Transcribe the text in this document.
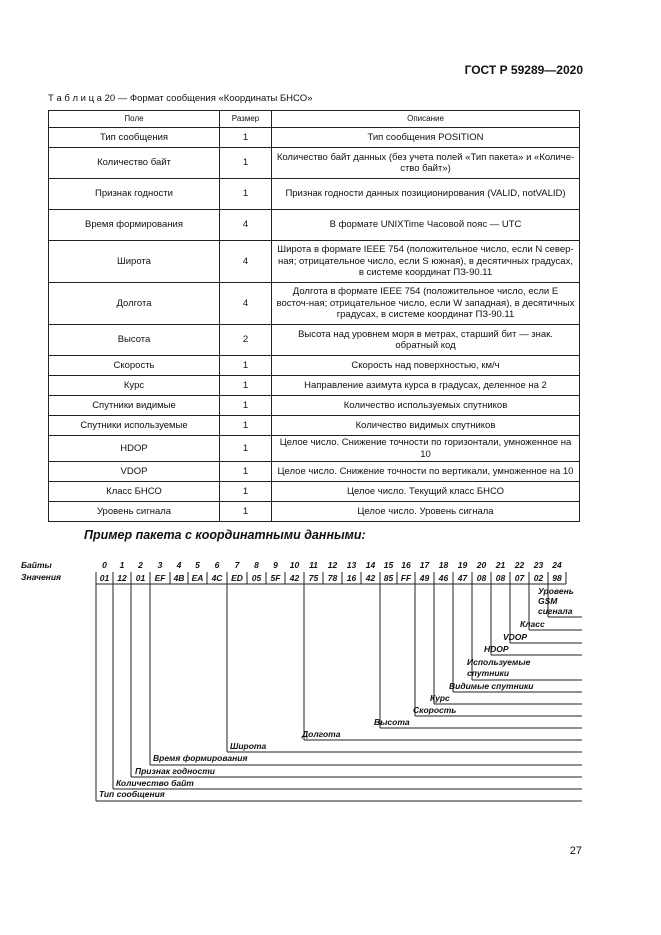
ГОСТ Р 59289—2020
Т а б л и ц а 20 — Формат сообщения «Координаты БНСО»
Поле	Размер	Описание
Тип сообщения	1	Тип сообщения POSITION
Количество байт	1	Количество байт данных (без учета полей «Тип пакета» и «Количе-ство байт»)
Признак годности	1	Признак годности данных позиционирования (VALID, notVALID)
Время формирования	4	В формате UNIXTime Часовой пояс — UTC
Широта	4	Широта в формате IEEE 754 (положительное число, если N север-ная; отрицательное число, если S южная), в десятичных градусах, в системе координат ПЗ-90.11
Долгота	4	Долгота в формате IEEE 754 (положительное число, если E восточ-ная; отрицательное число, если W западная), в десятичных градусах, в системе координат ПЗ-90.11
Высота	2	Высота над уровнем моря в метрах, старший бит — знак. обратный код
Скорость	1	Скорость над поверхностью, км/ч
Курс	1	Направление азимута курса в градусах, деленное на 2
Спутники видимые	1	Количество используемых спутников
Спутники используемые	1	Количество видимых спутников
HDOP	1	Целое число. Снижение точности по горизонтали, умноженное на 10
VDOP	1	Целое число. Снижение точности по вертикали, умноженное на 10
Класс БНСО	1	Целое число. Текущий класс БНСО
Уровень сигнала	1	Целое число. Уровень сигнала
Пример пакета с координатными данными:
Байты
Значения
0 1 2 3 4 5 6 7 8 9 10 11 12 13 14 15 16 17 18 19 20 21 22 23 24
01 12 01 EF 4B EA 4C ED 05 5F 42 75 78 16 42 85 FF 49 46 47 08 08 07 02 98
Уровень GSM сигнала
Класс
VDOP
HDOP
Используемые спутники
Видимые спутники
Курс
Скорость
Высота
Долгота
Широта
Время формирования
Признак годности
Количество байт
Тип сообщения
27
